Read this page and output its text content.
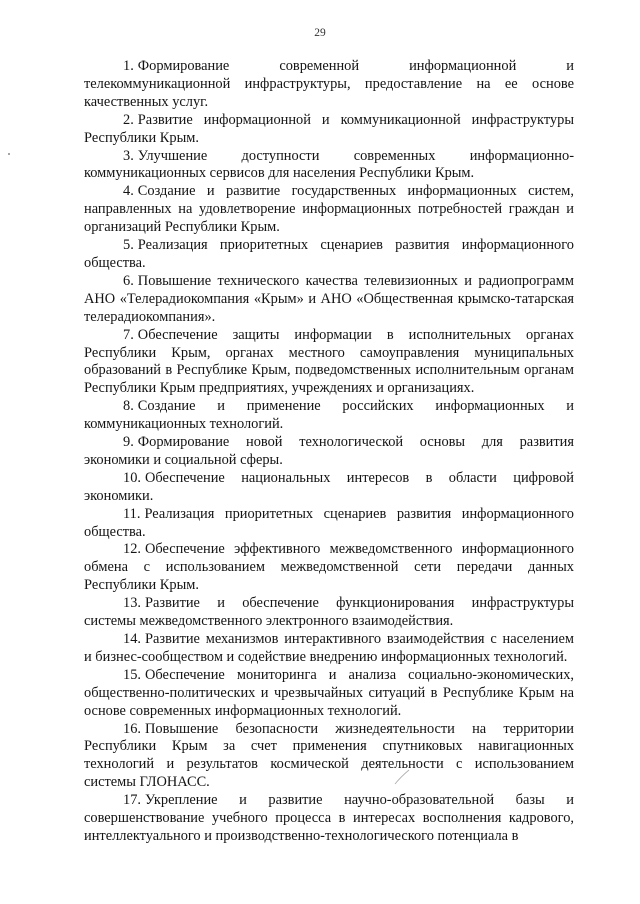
29

1. Формирование современной информационной и телекоммуникационной инфраструктуры, предоставление на ее основе качественных услуг.

2. Развитие информационной и коммуникационной инфраструктуры Республики Крым.

3. Улучшение доступности современных информационно-коммуникационных сервисов для населения Республики Крым.

4. Создание и развитие государственных информационных систем, направленных на удовлетворение информационных потребностей граждан и организаций Республики Крым.

5. Реализация приоритетных сценариев развития информационного общества.

6. Повышение технического качества телевизионных и радиопрограмм АНО «Телерадиокомпания «Крым» и АНО «Общественная крымско-татарская телерадиокомпания».

7. Обеспечение защиты информации в исполнительных органах Республики Крым, органах местного самоуправления муниципальных образований в Республике Крым, подведомственных исполнительным органам Республики Крым предприятиях, учреждениях и организациях.

8. Создание и применение российских информационных и коммуникационных технологий.

9. Формирование новой технологической основы для развития экономики и социальной сферы.

10. Обеспечение национальных интересов в области цифровой экономики.

11. Реализация приоритетных сценариев развития информационного общества.

12. Обеспечение эффективного межведомственного информационного обмена с использованием межведомственной сети передачи данных Республики Крым.

13. Развитие и обеспечение функционирования инфраструктуры системы межведомственного электронного взаимодействия.

14. Развитие механизмов интерактивного взаимодействия с населением и бизнес-сообществом и содействие внедрению информационных технологий.

15. Обеспечение мониторинга и анализа социально-экономических, общественно-политических и чрезвычайных ситуаций в Республике Крым на основе современных информационных технологий.

16. Повышение безопасности жизнедеятельности на территории Республики Крым за счет применения спутниковых навигационных технологий и результатов космической деятельности с использованием системы ГЛОНАСС.

17. Укрепление и развитие научно-образовательной базы и совершенствование учебного процесса в интересах восполнения кадрового, интеллектуального и производственно-технологического потенциала в
